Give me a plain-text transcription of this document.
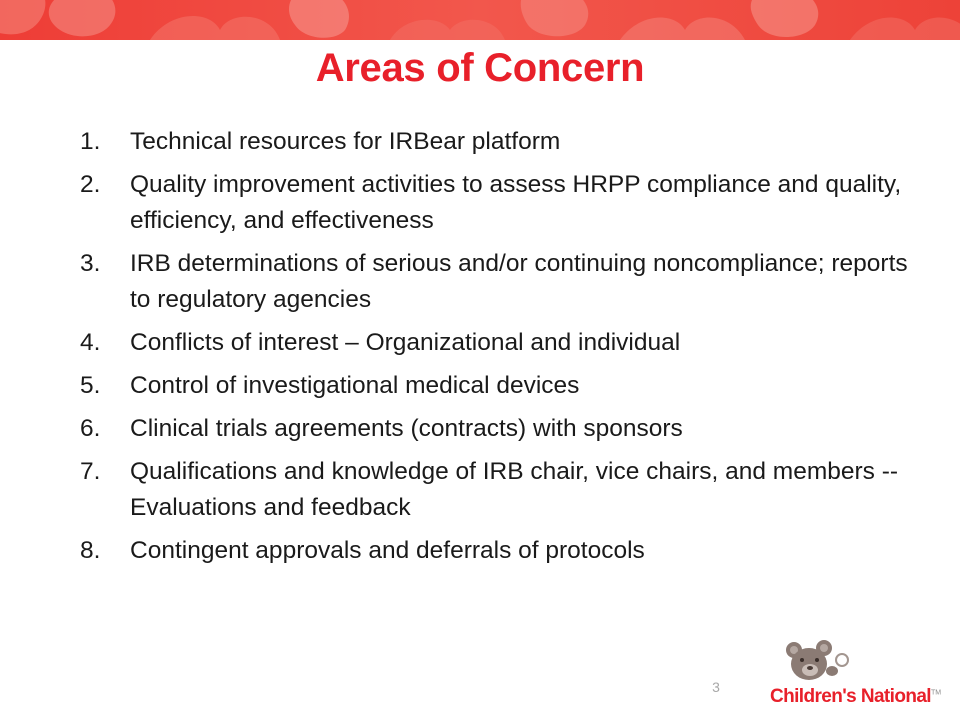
Areas of Concern
1.	Technical resources for IRBear platform
2.	Quality improvement activities to assess HRPP compliance and quality, efficiency, and effectiveness
3.	IRB determinations of serious and/or continuing noncompliance; reports to regulatory agencies
4.	Conflicts of interest – Organizational and individual
5.	Control of investigational medical devices
6.	Clinical trials agreements (contracts) with sponsors
7.	Qualifications and knowledge of IRB chair, vice chairs, and members -- Evaluations and feedback
8.	Contingent approvals and deferrals of protocols
3	Children's National™
